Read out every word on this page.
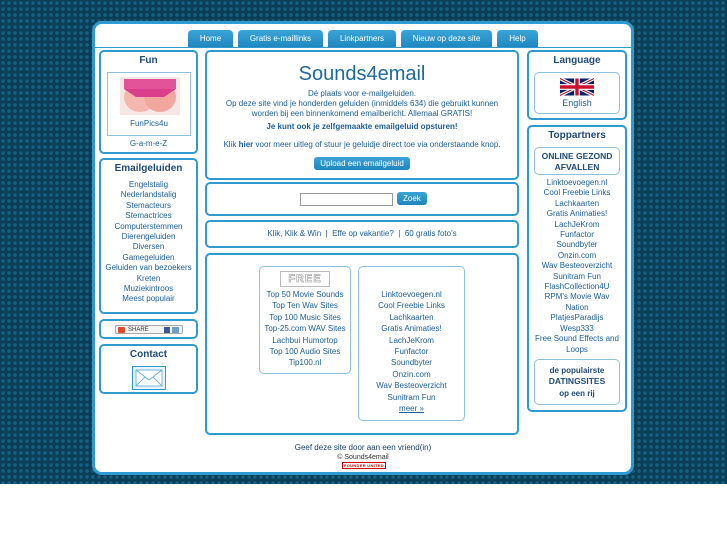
Home	Gratis e-maillinks	Linkpartners	Nieuw op deze site	Help
Fun
FunPics4u
G-a-m-e-Z
Emailgeluiden
Engelstalig
Nederlandstalig
Stemacteurs
Stemactrices
Computerstemmen
Dierengeluiden
Diversen
Gamegeluiden
Geluiden van bezoekers
Kreten
Muziekintroos
Meest populair
SHARE
Contact
Sounds4email
Dé plaats voor e-mailgeluiden.
Op deze site vind je honderden geluiden (inmiddels 634) die gebruikt kunnen
worden bij een binnenkomend emailbericht. Allemaal GRATIS!
Je kunt ook je zelfgemaakte emailgeluid opsturen!
Klik hier voor meer uitleg of stuur je geluidje direct toe via onderstaande knop.
Upload een emailgeluid
Zoek
Klik, Klik & Win | Effe op vakantie? | 60 gratis foto's
FREE
Top 50 Movie Sounds
Top Ten Wav Sites
Top 100 Music Sites
Top-25.com WAV Sites
Lachbui Humortop
Top 100 Audio Sites
Tip100.nl
Linktoevoegen.nl
Cool Freebie Links
Lachkaarten
Gratis Animaties!
LachJeKrom
Funfactor
Soundbyter
Onzin.com
Wav Besteoverzicht
Sunitram Fun
meer »
Language
English
Toppartners
ONLINE GEZOND AFVALLEN
Linktoevoegen.nl
Cool Freebie Links
Lachkaarten
Gratis Animaties!
LachJeKrom
Funfactor
Soundbyter
Onzin.com
Wav Besteoverzicht
Sunitram Fun
FlashCollection4U
RPM's Movie Wav Nation
PlatjesParadijs
Wesp333
Free Sound Effects and Loops
de populairste
DATINGSITES
op een rij
Geef deze site door aan een vriend(in)
© Sounds4email
FOUNDER UNITED
